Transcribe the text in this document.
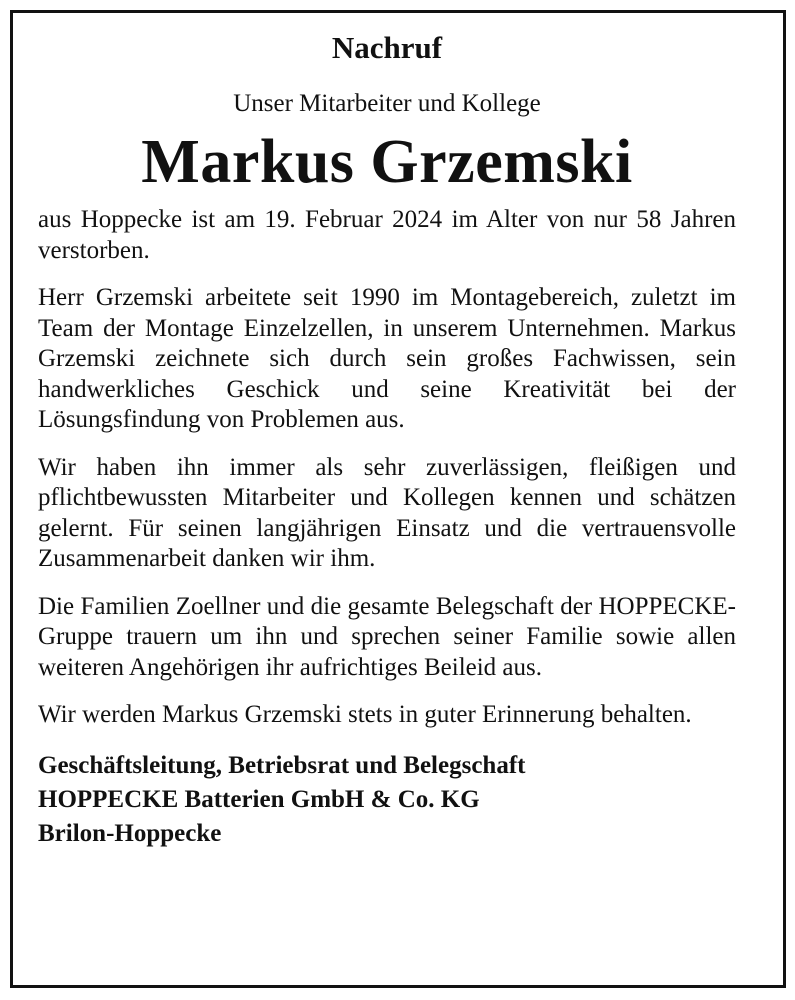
Nachruf

Unser Mitarbeiter und Kollege

Markus Grzemski

aus Hoppecke ist am 19. Februar 2024 im Alter von nur 58 Jahren verstorben.

Herr Grzemski arbeitete seit 1990 im Montagebereich, zuletzt im Team der Montage Einzelzellen, in unserem Unternehmen. Markus Grzemski zeichnete sich durch sein großes Fachwissen, sein handwerkliches Geschick und seine Kreativität bei der Lösungsfindung von Problemen aus.

Wir haben ihn immer als sehr zuverlässigen, fleißigen und pflichtbewussten Mitarbeiter und Kollegen kennen und schätzen gelernt. Für seinen langjährigen Einsatz und die vertrauensvolle Zusammenarbeit danken wir ihm.

Die Familien Zoellner und die gesamte Belegschaft der HOPPECKE-Gruppe trauern um ihn und sprechen seiner Familie sowie allen weiteren Angehörigen ihr aufrichtiges Beileid aus.

Wir werden Markus Grzemski stets in guter Erinnerung behalten.

Geschäftsleitung, Betriebsrat und Belegschaft
HOPPECKE Batterien GmbH & Co. KG
Brilon-Hoppecke
